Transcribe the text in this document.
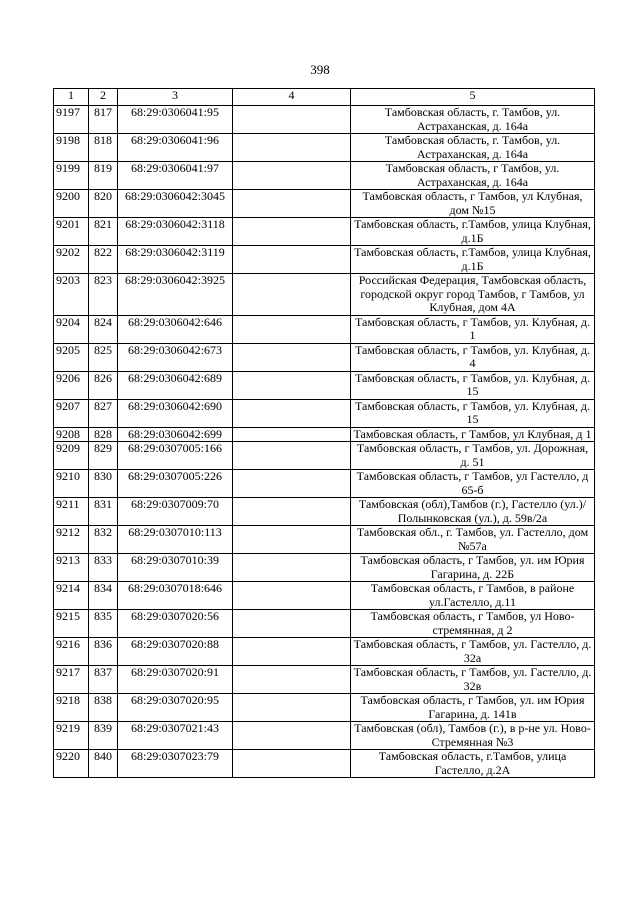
398
1	2	3	4	5
9197	817	68:29:0306041:95		Тамбовская область, г. Тамбов, ул. Астраханская, д. 164а
9198	818	68:29:0306041:96		Тамбовская область, г. Тамбов, ул. Астраханская, д. 164а
9199	819	68:29:0306041:97		Тамбовская область, г Тамбов, ул. Астраханская, д. 164а
9200	820	68:29:0306042:3045		Тамбовская область, г Тамбов, ул Клубная, дом №15
9201	821	68:29:0306042:3118		Тамбовская область, г.Тамбов, улица Клубная, д.1Б
9202	822	68:29:0306042:3119		Тамбовская область, г.Тамбов, улица Клубная, д.1Б
9203	823	68:29:0306042:3925		Российская Федерация, Тамбовская область, городской округ город Тамбов, г Тамбов, ул Клубная, дом 4А
9204	824	68:29:0306042:646		Тамбовская область, г Тамбов, ул. Клубная, д. 1
9205	825	68:29:0306042:673		Тамбовская область, г Тамбов, ул. Клубная, д. 4
9206	826	68:29:0306042:689		Тамбовская область, г Тамбов, ул. Клубная, д. 15
9207	827	68:29:0306042:690		Тамбовская область, г Тамбов, ул. Клубная, д. 15
9208	828	68:29:0306042:699		Тамбовская область, г Тамбов, ул Клубная, д 1
9209	829	68:29:0307005:166		Тамбовская область, г Тамбов, ул. Дорожная, д. 51
9210	830	68:29:0307005:226		Тамбовская область, г Тамбов, ул Гастелло, д 65-б
9211	831	68:29:0307009:70		Тамбовская (обл),Тамбов (г.), Гастелло (ул.)/Полынковская (ул.), д. 59в/2а
9212	832	68:29:0307010:113		Тамбовская обл., г. Тамбов, ул. Гастелло, дом №57а
9213	833	68:29:0307010:39		Тамбовская область, г Тамбов, ул. им Юрия Гагарина, д. 22Б
9214	834	68:29:0307018:646		Тамбовская область, г Тамбов, в районе ул.Гастелло, д.11
9215	835	68:29:0307020:56		Тамбовская область, г Тамбов, ул Ново-стремянная, д 2
9216	836	68:29:0307020:88		Тамбовская область, г Тамбов, ул. Гастелло, д. 32а
9217	837	68:29:0307020:91		Тамбовская область, г Тамбов, ул. Гастелло, д. 32в
9218	838	68:29:0307020:95		Тамбовская область, г Тамбов, ул. им Юрия Гагарина, д. 141в
9219	839	68:29:0307021:43		Тамбовская (обл), Тамбов (г.), в р-не ул. Ново-Стремянная №3
9220	840	68:29:0307023:79		Тамбовская область, г.Тамбов, улица Гастелло, д.2А
